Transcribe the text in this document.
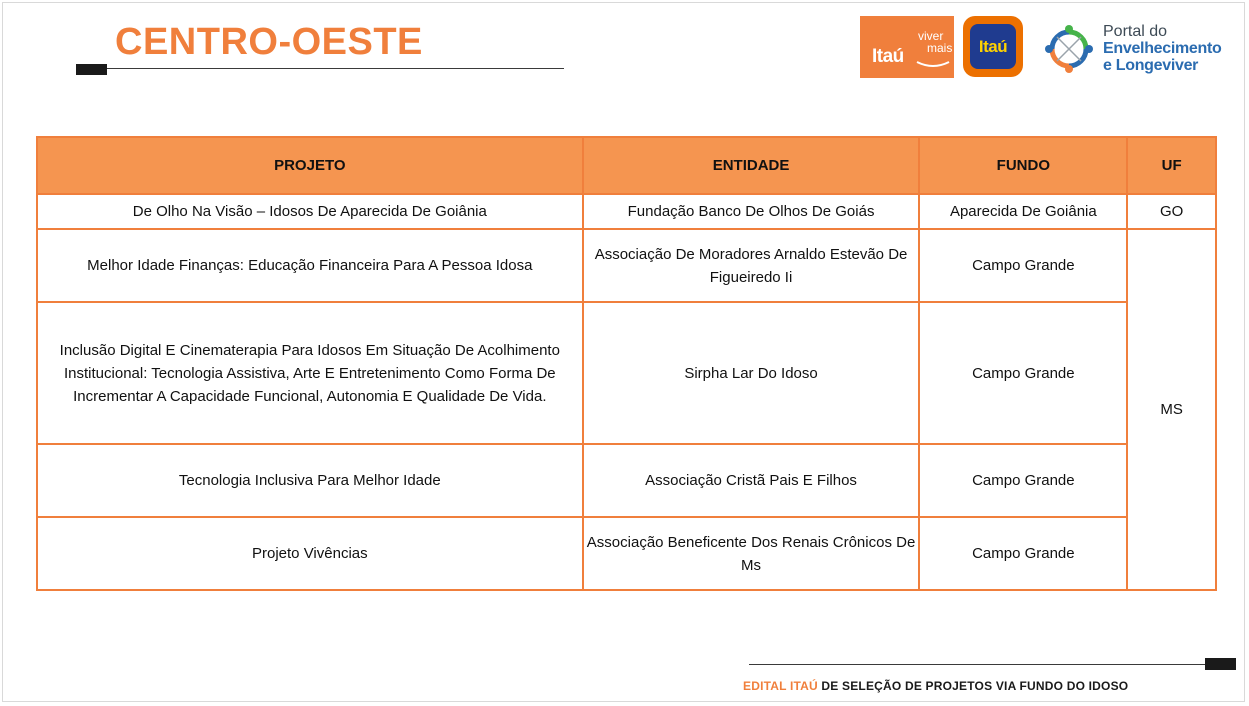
CENTRO-OESTE	Itaú
viver
mais	Itaú
Portal do
Envelhecimento
e Longeviver
PROJETO	ENTIDADE	FUNDO	UF
De Olho Na Visão – Idosos De Aparecida De Goiânia	Fundação Banco De Olhos De Goiás	Aparecida De Goiânia	GO
Melhor Idade Finanças: Educação Financeira Para A Pessoa Idosa	Associação De Moradores Arnaldo Estevão De Figueiredo Ii	Campo Grande	MS
Inclusão Digital E Cinematerapia Para Idosos Em Situação De Acolhimento Institucional: Tecnologia Assistiva, Arte E Entretenimento Como Forma De Incrementar A Capacidade Funcional, Autonomia E Qualidade De Vida.	Sirpha Lar Do Idoso	Campo Grande	
Tecnologia Inclusiva Para Melhor Idade	Associação Cristã Pais E Filhos	Campo Grande	
Projeto Vivências	Associação Beneficente Dos Renais Crônicos De Ms	Campo Grande	
EDITAL ITAÚ DE SELEÇÃO DE PROJETOS VIA FUNDO DO IDOSO
